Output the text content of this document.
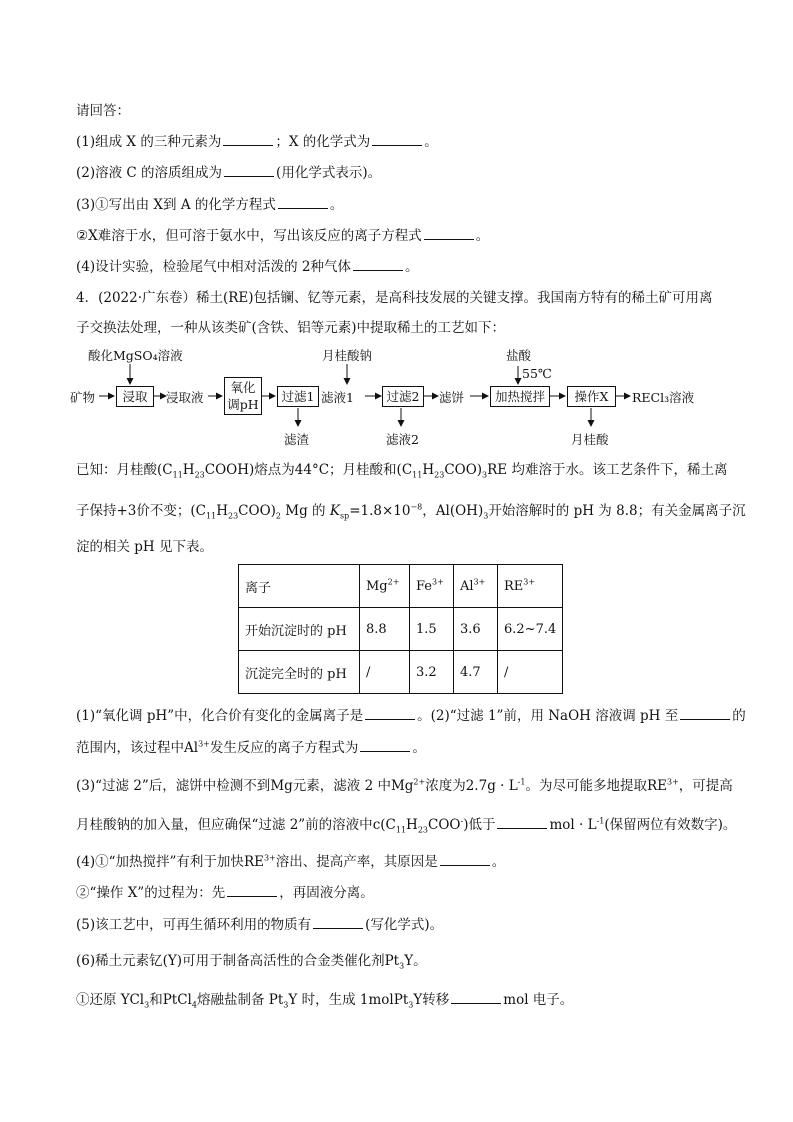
请回答：
(1)组成 X 的三种元素为	；X 的化学式为	。
(2)溶液 C 的溶质组成为	(用化学式表示)。
(3)①写出由 X到 A 的化学方程式	。
②X难溶于水，但可溶于氨水中，写出该反应的离子方程式	。
(4)设计实验，检验尾气中相对活泼的 2种气体	。
4．(2022·广东卷）稀土(RE)包括镧、钇等元素，是高科技发展的关键支撑。我国南方特有的稀土矿可用离
子交换法处理，一种从该类矿(含铁、铝等元素)中提取稀土的工艺如下：
酸化MgSO₄溶液	月桂酸钠	盐酸
55℃
矿物	浸取	浸取液
氧化
调pH
过滤1 滤液1	过滤2	滤饼	加热搅拌	操作X	RECl₃溶液
滤渣	滤液2	月桂酸
已知：月桂酸$(C_{11}H_{23}COOH)$熔点为44°C；月桂酸和$(C_{11}H_{23}COO)_3RE$ 均难溶于水。该工艺条件下，稀土离
子保持+3价不变；$(C_{11}H_{23}COO)_2$ Mg 的 $K_{sp}=1.8\times 10^{-8}$，$Al(OH)_3$开始溶解时的 pH 为 8.8；有关金属离子沉
淀的相关 pH 见下表。
离子	$Mg^{2+}$	$Fe^{3+}$	$Al^{3+}$	$RE^{3+}$
开始沉淀时的 pH	8.8	1.5	3.6	6.2~7.4
沉淀完全时的 pH	/	3.2	4.7	/
(1)“氧化调 pH”中，化合价有变化的金属离子是	。(2)“过滤 1”前，用 NaOH 溶液调 pH 至	的
范围内，该过程中$Al^{3+}$发生反应的离子方程式为	。
(3)“过滤 2”后，滤饼中检测不到Mg元素，滤液 2 中$Mg^{2+}$浓度为$2.7g \cdot L^{-1}$。为尽可能多地提取$RE^{3+}$，可提高
月桂酸钠的加入量，但应确保“过滤 2”前的溶液中$c(C_{11}H_{23}COO^-)$低于	mol · $L^{-1}$(保留两位有效数字)。
(4)①“加热搅拌”有利于加快$RE^{3+}$溶出、提高产率，其原因是	。
②“操作 X”的过程为：先	，再固液分离。
(5)该工艺中，可再生循环利用的物质有	(写化学式)。
(6)稀土元素钇(Y)可用于制备高活性的合金类催化剂$Pt_3Y$。
①还原 YCl$_3$和PtCl$_4$熔融盐制备 $Pt_3Y$ 时，生成 1molPt$_3$Y转移	mol 电子。
